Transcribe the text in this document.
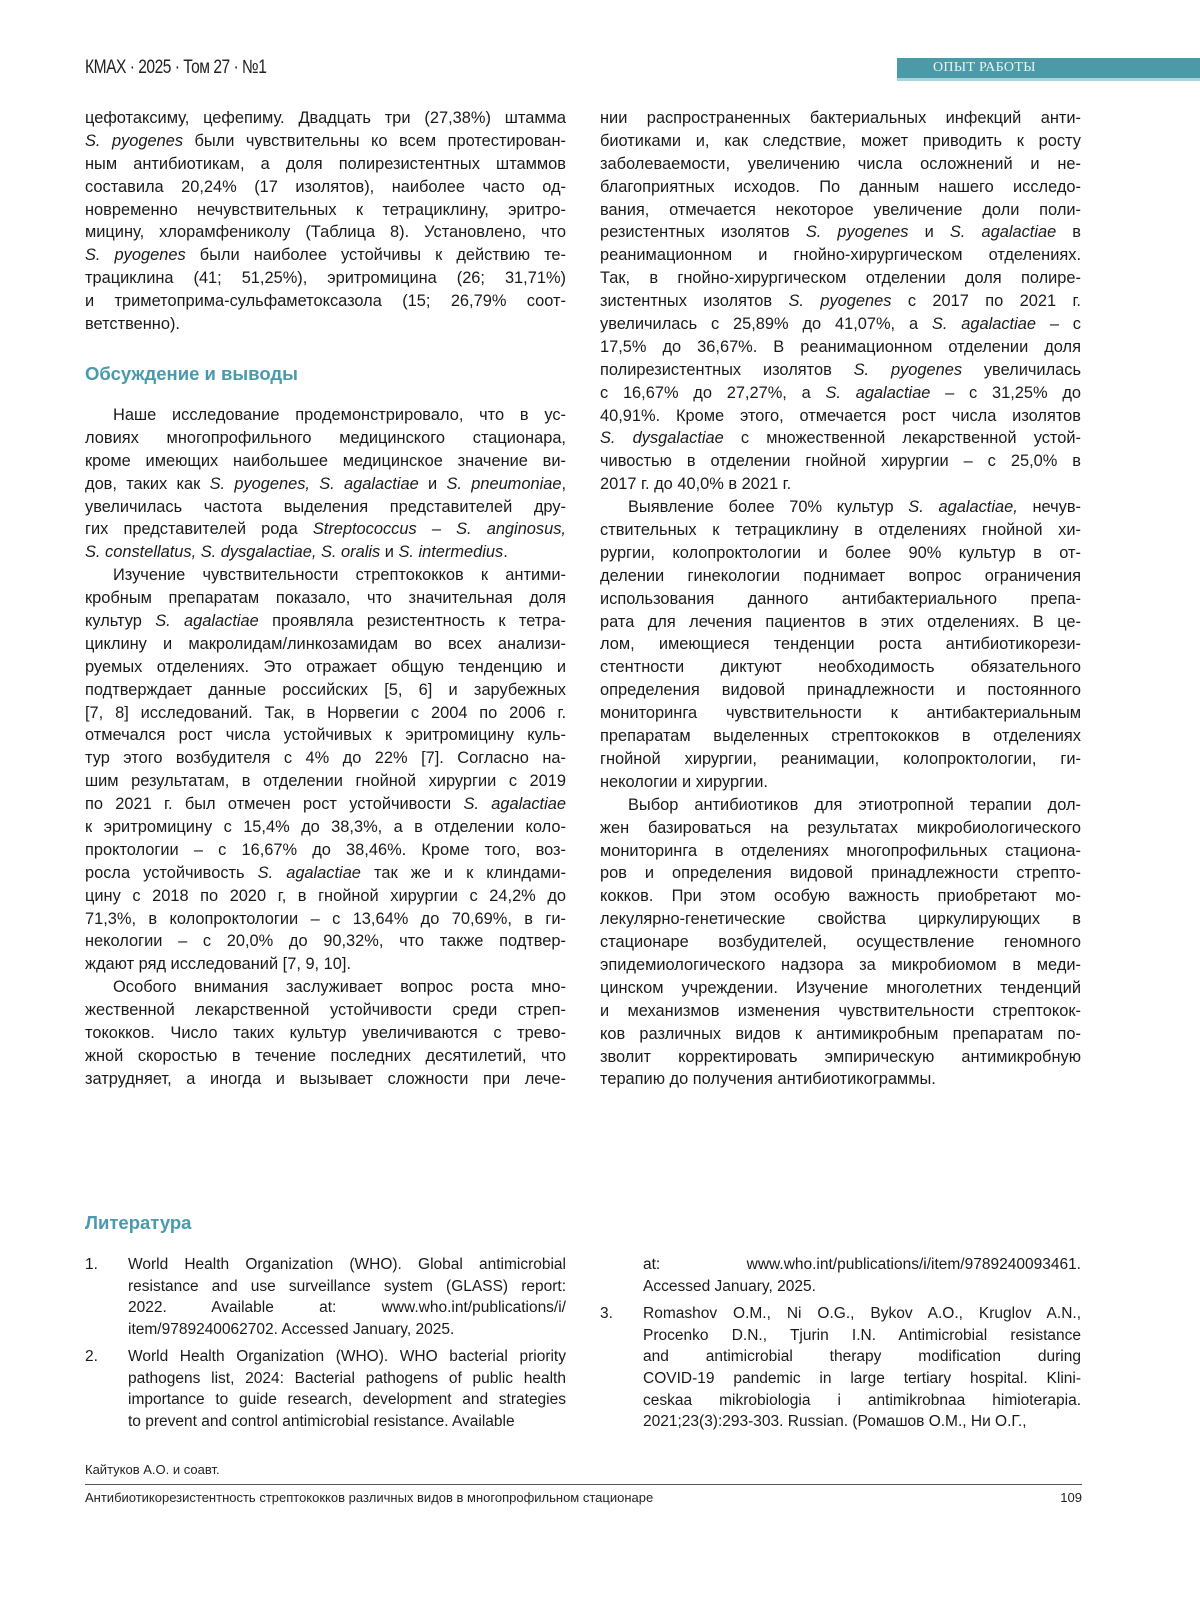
КМАХ · 2025 · Том 27 · №1	ОПЫТ РАБОТЫ
цефотаксиму, цефепиму. Двадцать три (27,38%) штамма
S. pyogenes были чувствительны ко всем протестирован-
ным антибиотикам, а доля полирезистентных штаммов
составила 20,24% (17 изолятов), наиболее часто од-
новременно нечувствительных к тетрациклину, эритро-
мицину, хлорамфениколу (Таблица 8). Установлено, что
S. pyogenes были наиболее устойчивы к действию те-
трациклина (41; 51,25%), эритромицина (26; 31,71%)
и триметоприма-сульфаметоксазола (15; 26,79% соот-
ветственно).
Обсуждение и выводы
Наше исследование продемонстрировало, что в ус-
ловиях многопрофильного медицинского стационара,
кроме имеющих наибольшее медицинское значение ви-
дов, таких как S. pyogenes, S. agalactiae и S. pneumoniae,
увеличилась частота выделения представителей дру-
гих представителей рода Streptococcus – S. anginosus,
S. constellatus, S. dysgalactiae, S. oralis и S. intermedius.
Изучение чувствительности стрептококков к антими-
кробным препаратам показало, что значительная доля
культур S. agalactiae проявляла резистентность к тетра-
циклину и макролидам/линкозамидам во всех анализи-
руемых отделениях. Это отражает общую тенденцию и
подтверждает данные российских [5, 6] и зарубежных
[7, 8] исследований. Так, в Норвегии с 2004 по 2006 г.
отмечался рост числа устойчивых к эритромицину куль-
тур этого возбудителя с 4% до 22% [7]. Согласно на-
шим результатам, в отделении гнойной хирургии с 2019
по 2021 г. был отмечен рост устойчивости S. agalactiae
к эритромицину с 15,4% до 38,3%, а в отделении коло-
проктологии – с 16,67% до 38,46%. Кроме того, воз-
росла устойчивость S. agalactiae так же и к клиндами-
цину с 2018 по 2020 г, в гнойной хирургии с 24,2% до
71,3%, в колопроктологии – с 13,64% до 70,69%, в ги-
некологии – с 20,0% до 90,32%, что также подтвер-
ждают ряд исследований [7, 9, 10].
Особого внимания заслуживает вопрос роста мно-
жественной лекарственной устойчивости среди стреп-
тококков. Число таких культур увеличиваются с трево-
жной скоростью в течение последних десятилетий, что
затрудняет, а иногда и вызывает сложности при лече-
нии распространенных бактериальных инфекций анти-
биотиками и, как следствие, может приводить к росту
заболеваемости, увеличению числа осложнений и не-
благоприятных исходов. По данным нашего исследо-
вания, отмечается некоторое увеличение доли поли-
резистентных изолятов S. pyogenes и S. agalactiae в
реанимационном и гнойно-хирургическом отделениях.
Так, в гнойно-хирургическом отделении доля полире-
зистентных изолятов S. pyogenes с 2017 по 2021 г.
увеличилась с 25,89% до 41,07%, а S. agalactiae – с
17,5% до 36,67%. В реанимационном отделении доля
полирезистентных изолятов S. pyogenes увеличилась
с 16,67% до 27,27%, а S. agalactiae – с 31,25% до
40,91%. Кроме этого, отмечается рост числа изолятов
S. dysgalactiae с множественной лекарственной устой-
чивостью в отделении гнойной хирургии – с 25,0% в
2017 г. до 40,0% в 2021 г.
Выявление более 70% культур S. agalactiae, нечув-
ствительных к тетрациклину в отделениях гнойной хи-
рургии, колопроктологии и более 90% культур в от-
делении гинекологии поднимает вопрос ограничения
использования данного антибактериального препа-
рата для лечения пациентов в этих отделениях. В це-
лом, имеющиеся тенденции роста антибиотикорези-
стентности диктуют необходимость обязательного
определения видовой принадлежности и постоянного
мониторинга чувствительности к антибактериальным
препаратам выделенных стрептококков в отделениях
гнойной хирургии, реанимации, колопроктологии, ги-
некологии и хирургии.
Выбор антибиотиков для этиотропной терапии дол-
жен базироваться на результатах микробиологического
мониторинга в отделениях многопрофильных стациона-
ров и определения видовой принадлежности стрепто-
кокков. При этом особую важность приобретают мо-
лекулярно-генетические свойства циркулирующих в
стационаре возбудителей, осуществление геномного
эпидемиологического надзора за микробиомом в меди-
цинском учреждении. Изучение многолетних тенденций
и механизмов изменения чувствительности стрептокок-
ков различных видов к антимикробным препаратам по-
зволит корректировать эмпирическую антимикробную
терапию до получения антибиотикограммы.
Литература
1. World Health Organization (WHO). Global antimicrobial
resistance and use surveillance system (GLASS) report:
2022. Available at: www.who.int/publications/i/
item/9789240062702. Accessed January, 2025.
2. World Health Organization (WHO). WHO bacterial priority
pathogens list, 2024: Bacterial pathogens of public health
importance to guide research, development and strategies
to prevent and control antimicrobial resistance. Available
at: www.who.int/publications/i/item/9789240093461.
Accessed January, 2025.
3. Romashov O.M., Ni O.G., Bykov A.O., Kruglov A.N.,
Procenko D.N., Tjurin I.N. Antimicrobial resistance
and antimicrobial therapy modification during
COVID-19 pandemic in large tertiary hospital. Klini-
ceskaa mikrobiologia i antimikrobnaa himioterapia.
2021;23(3):293-303. Russian. (Ромашов О.М., Ни О.Г.,
Кайтуков А.О. и соавт.
Антибиотикорезистентность стрептококков различных видов в многопрофильном стационаре	109
